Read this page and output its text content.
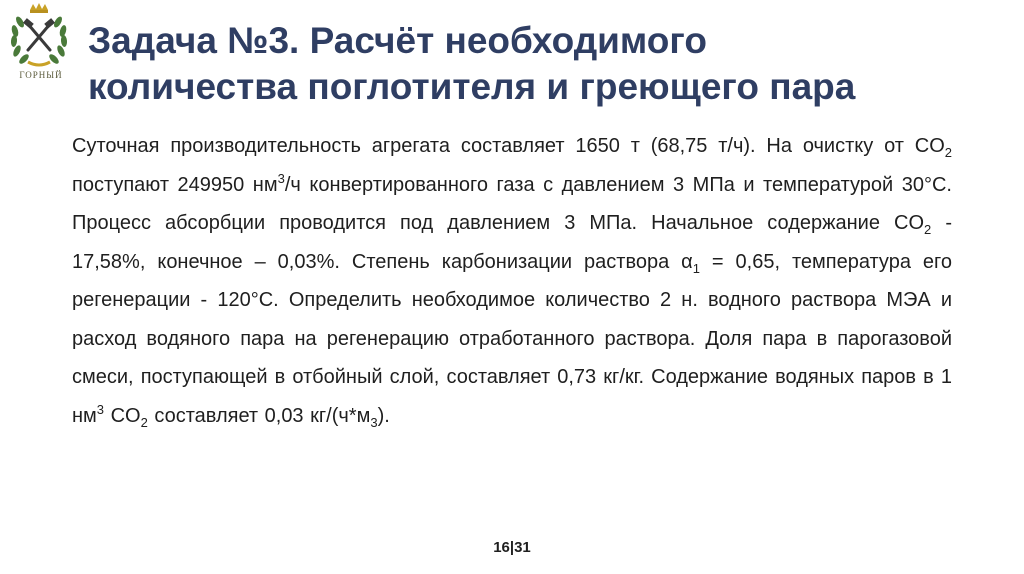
ГОРНЫЙ
Задача №3. Расчёт необходимого
количества поглотителя и греющего пара

Суточная производительность агрегата составляет 1650 т (68,75 т/ч). На очистку от $CO_2$ поступают 249950 $нм^3/ч$ конвертированного газа с давлением 3 МПа и температурой 30°С. Процесс абсорбции проводится под давлением 3 МПа. Начальное содержание $CO_2 - 17,58\%$, конечное – 0,03%. Степень карбонизации раствора $\alpha_1 = 0,65$, температура его регенерации - 120°С. Определить необходимое количество 2 н. водного раствора МЭА и расход водяного пара на регенерацию отработанного раствора. Доля пара в парогазовой смеси, поступающей в отбойный слой, составляет 0,73 кг/кг. Содержание водяных паров в 1 $нм^3$ $CO_2$ составляет 0,03 $кг/(ч*м_3)$.

16|31
